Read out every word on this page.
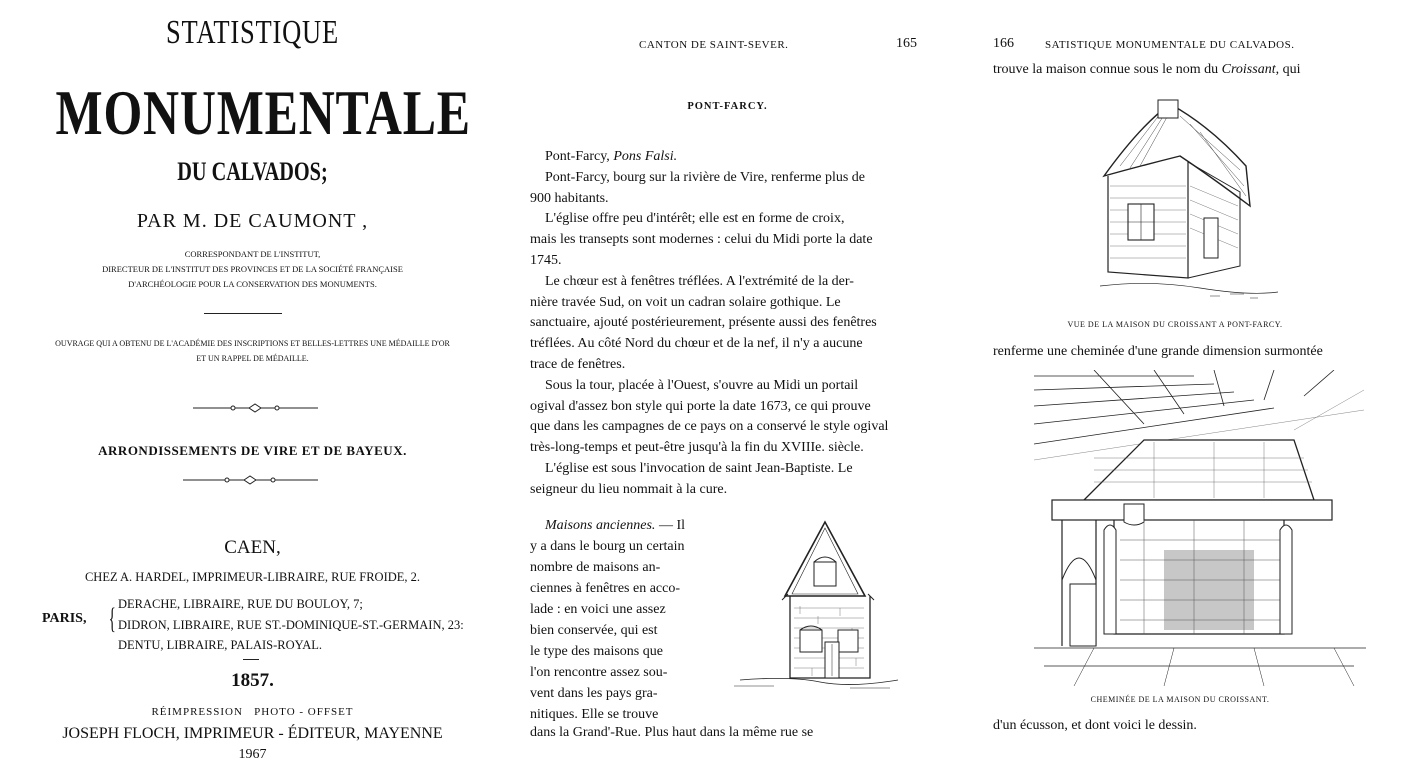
STATISTIQUE
MONUMENTALE
DU CALVADOS;
PAR M. DE CAUMONT ,
CORRESPONDANT DE L'INSTITUT,
DIRECTEUR DE L'INSTITUT DES PROVINCES ET DE LA SOCIÉTÉ FRANÇAISE
D'ARCHÉOLOGIE POUR LA CONSERVATION DES MONUMENTS.
OUVRAGE QUI A OBTENU DE L'ACADÉMIE DES INSCRIPTIONS ET BELLES-LETTRES UNE MÉDAILLE D'OR
ET UN RAPPEL DE MÉDAILLE.
ARRONDISSEMENTS DE VIRE ET DE BAYEUX.
CAEN,
CHEZ A. HARDEL, IMPRIMEUR-LIBRAIRE, RUE FROIDE, 2.
PARIS, { DERACHE, LIBRAIRE, RUE DU BOULOY, 7;
DIDRON, LIBRAIRE, RUE ST.-DOMINIQUE-ST.-GERMAIN, 23:
DENTU, LIBRAIRE, PALAIS-ROYAL.
1857.
RÉIMPRESSION   PHOTO - OFFSET
JOSEPH FLOCH, IMPRIMEUR - ÉDITEUR, MAYENNE
1967
CANTON DE SAINT-SEVER.	165
PONT-FARCY.
Pont-Farcy, Pons Falsi.
Pont-Farcy, bourg sur la rivière de Vire, renferme plus de
900 habitants.
L'église offre peu d'intérêt; elle est en forme de croix,
mais les transepts sont modernes : celui du Midi porte la date
1745.
Le chœur est à fenêtres tréflées. A l'extrémité de la der-
nière travée Sud, on voit un cadran solaire gothique. Le
sanctuaire, ajouté postérieurement, présente aussi des fenêtres
tréflées. Au côté Nord du chœur et de la nef, il n'y a aucune
trace de fenêtres.
Sous la tour, placée à l'Ouest, s'ouvre au Midi un portail
ogival d'assez bon style qui porte la date 1673, ce qui prouve
que dans les campagnes de ce pays on a conservé le style ogival
très-long-temps et peut-être jusqu'à la fin du XVIIIe. siècle.
L'église est sous l'invocation de saint Jean-Baptiste. Le
seigneur du lieu nommait à la cure.
Maisons anciennes. — Il
y a dans le bourg un certain
nombre de maisons an-
ciennes à fenêtres en acco-
lade : en voici une assez
bien conservée, qui est
le type des maisons que
l'on rencontre assez sou-
vent dans les pays gra-
nitiques. Elle se trouve
dans la Grand'-Rue. Plus haut dans la même rue se
166	SATISTIQUE MONUMENTALE DU CALVADOS.
trouve la maison connue sous le nom du Croissant, qui
VUE DE LA MAISON DU CROISSANT A PONT-FARCY.
renferme une cheminée d'une grande dimension surmontée
CHEMINÉE DE LA MAISON DU CROISSANT.
d'un écusson, et dont voici le dessin.
